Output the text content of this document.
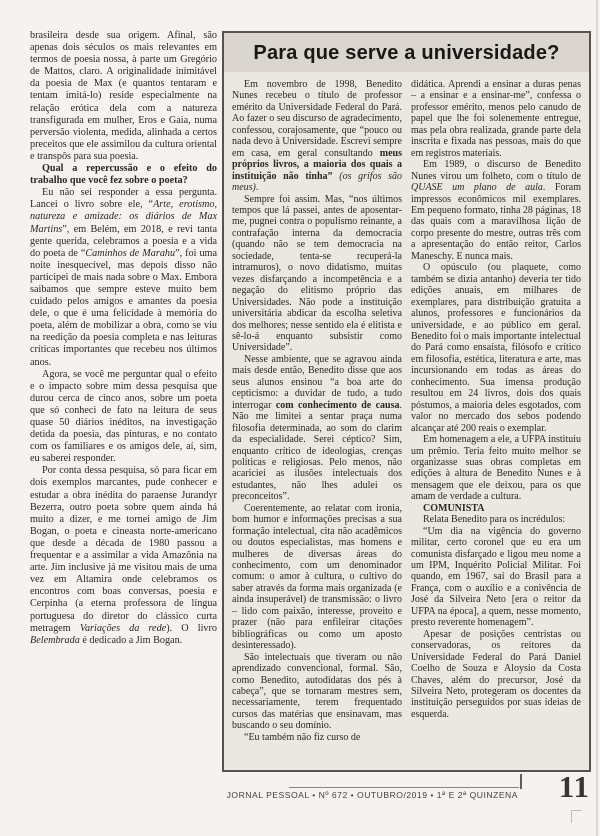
brasileira desde sua origem. Afinal, são apenas dois séculos os mais relevantes em termos de poesia nossa, à parte um Gregório de Mattos, claro. A originalidade inimitável da poesia de Max (e quantos tentaram e tentam imitá-lo) reside especialmente na relação erótica dela com a natureza transfigurada em mulher, Eros e Gaia, numa perversão violenta, medida, alinhada a certos preceitos que ele assimilou da cultura oriental e transpôs para sua poesia.

Qual a repercussão e o efeito do trabalho que você fez sobre o poeta?

Eu não sei responder a essa pergunta. Lancei o livro sobre ele, “Arte, erotismo, natureza e amizade: os diários de Max Martins”, em Belém, em 2018, e revi tanta gente querida, celebramos a poesia e a vida do poeta de “Caminhos de Marahu”, foi uma noite inesquecível, mas depois disso não participei de mais nada sobre o Max. Embora saibamos que sempre esteve muito bem cuidado pelos amigos e amantes da poesia dele, o que é uma felicidade à memória do poeta, além de mobilizar a obra, como se viu na reedição da poesia completa e nas leituras críticas importantes que recebeu nos últimos anos.

Agora, se você me perguntar qual o efeito e o impacto sobre mim dessa pesquisa que durou cerca de cinco anos, sobre um poeta que só conheci de fato na leitura de seus quase 50 diários inéditos, na investigação detida da poesia, das pinturas, e no contato com os familiares e os amigos dele, aí, sim, eu saberei responder.

Por conta dessa pesquisa, só para ficar em dois exemplos marcantes, pude conhecer e estudar a obra inédita do paraense Jurandyr Bezerra, outro poeta sobre quem ainda há muito a dizer, e me tornei amigo de Jim Bogan, o poeta e cineasta norte-americano que desde a década de 1980 passou a frequentar e a assimilar a vida Amazônia na arte. Jim inclusive já me visitou mais de uma vez em Altamira onde celebramos os encontros com boas conversas, poesia e Cerpinha (a eterna professora de língua portuguesa do diretor do clássico curta metragem Variações da rede). O livro Belembrada é dedicado a Jim Bogan.

Para que serve a universidade?

Em novembro de 1998, Benedito Nunes recebeu o título de professor emérito da Universidade Federal do Pará. Ao fazer o seu discurso de agradecimento, confessou, corajosamente, que “pouco ou nada devo à Universidade. Escrevi sempre em casa, em geral consultando meus próprios livros, a maioria dos quais a instituição não tinha” (os grifos são meus).

Sempre foi assim. Mas, “nos últimos tempos que lá passei, antes de aposentar-me, pugnei contra o populismo reinante, a contrafação interna da democracia (quando não se tem democracia na sociedade, tenta-se recuperá-la intramuros), o novo didatismo, muitas vezes disfarçando a incompetência e a negação do elitismo próprio das Universidades. Não pode a instituição universitária abdicar da escolha seletiva dos melhores; nesse sentido ela é elitista e sê-lo-á enquanto subsistir como Universidade”.

Nesse ambiente, que se agravou ainda mais desde então, Benedito disse que aos seus alunos ensinou “a boa arte do cepticismo: a duvidar de tudo, a tudo interrogar com conhecimento de causa. Não me limitei a sentar praça numa filosofia determinada, ao som do clarim da especialidade. Serei céptico? Sim, enquanto crítico de ideologias, crenças políticas e religiosas. Pelo menos, não acariciei as ilusões intelectuais dos estudantes, não lhes adulei os preconceitos”.

Coerentemente, ao relatar com ironia, bom humor e informações precisas a sua formação intelectual, cita não acadêmicos ou doutos especialistas, mas homens e mulheres de diversas áreas do conhecimento, com um denominador comum: o amor à cultura, o cultivo do saber através da forma mais organizada (e ainda insuperável) de transmissão: o livro – lido com paixão, interesse, proveito e prazer (não para enfileirar citações bibliográficas ou como um aposto desinteressado).

São intelectuais que tiveram ou não aprendizado convencional, formal. São, como Benedito, autodidatas dos pés à cabeça”, que se tornaram mestres sem, necessariamente, terem frequentado cursos das matérias que ensinavam, mas buscando o seu domínio.

“Eu também não fiz curso de

didática. Aprendi a ensinar a duras penas – a ensinar e a ensinar-me”, confessa o professor emérito, menos pelo canudo de papel que lhe foi solenemente entregue, mas pela obra realizada, grande parte dela inscrita e fixada nas pessoas, mais do que em registros materiais.

Em 1989, o discurso de Benedito Nunes virou um folheto, com o título de QUASE um plano de aula. Foram impressos econômicos mil exemplares. Em pequeno formato, tinha 28 páginas, 18 das quais com a maravilhosa lição de corpo presente do mestre, outras três com a apresentação do então reitor, Carlos Maneschy. E nunca mais.

O opúsculo (ou plaquete, como também se dizia antanho) deveria ter tido edições anuais, em milhares de exemplares, para distribuição gratuita a alunos, professores e funcionários da universidade, e ao público em geral. Benedito foi o mais importante intelectual do Pará como ensaísta, filósofo e crítico em filosofia, estética, literatura e arte, mas incursionando em todas as áreas do conhecimento. Sua imensa produção resultou em 24 livros, dois dos quais póstumos, a maioria deles esgotados, com valor no mercado dos sebos podendo alcançar até 200 reais o exemplar.

Em homenagem a ele, a UFPA instituiu um prêmio. Teria feito muito melhor se organizasse suas obras completas em edições à altura de Benedito Nunes e à mensagem que ele deixou, para os que amam de verdade a cultura.

COMUNISTA

Relata Benedito para os incrédulos:

“Um dia na vigência do governo militar, certo coronel que eu era um comunista disfarçado e ligou meu nome a um IPM, Inquérito Policial Militar. Foi quando, em 1967, saí do Brasil para a França, com o auxílio e a conivência de José da Silveira Neto [era o reitor da UFPA na época], a quem, nesse momento, presto reverente homenagem”.

Apesar de posições centristas ou conservadoras, os reitores da Universidade Federal do Pará Daniel Coelho de Souza e Aloysio da Costa Chaves, além do precursor, José da Silveira Neto, protegeram os docentes da instituição perseguidos por suas ideias de esquerda.

JORNAL PESSOAL • Nº 672 • OUTUBRO/2019 • 1ª E 2ª QUINZENA 11
